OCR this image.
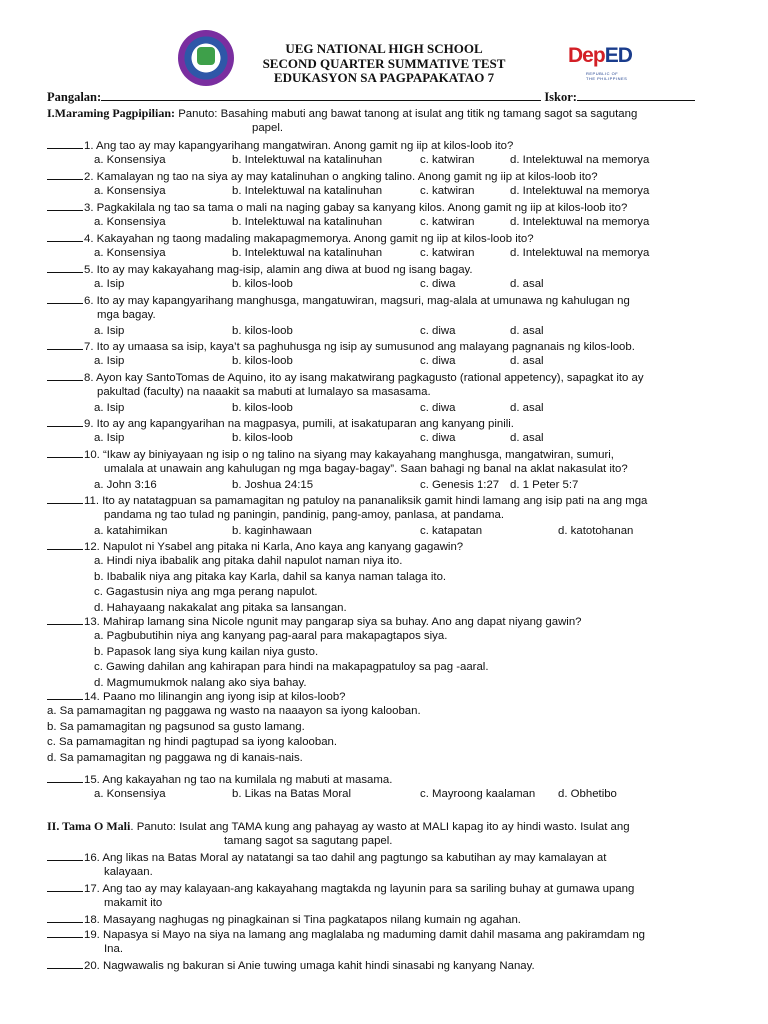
UEG NATIONAL HIGH SCHOOL
SECOND QUARTER SUMMATIVE TEST
EDUKASYON SA PAGPAPAKATAO 7
DepED
REPUBLIC OF THE PHILIPPINES
Pangalan:	Iskor:
I.Maraming Pagpipilian: Panuto: Basahing mabuti ang bawat tanong at isulat ang titik ng tamang sagot sa sagutang
papel.
1. Ang tao ay may kapangyarihang mangatwiran. Anong gamit ng iip at kilos-loob ito?
a. Konsensiya	b. Intelektuwal na katalinuhan	c. katwiran	d. Intelektuwal na memorya
2. Kamalayan ng tao na siya ay may katalinuhan o angking talino. Anong gamit ng iip at kilos-loob ito?
a. Konsensiya	b. Intelektuwal na katalinuhan	c. katwiran	d. Intelektuwal na memorya
3. Pagkakilala ng tao sa tama o mali na naging gabay sa kanyang kilos. Anong gamit ng iip at kilos-loob ito?
a. Konsensiya	b. Intelektuwal na katalinuhan	c. katwiran	d. Intelektuwal na memorya
4. Kakayahan ng taong madaling makapagmemorya. Anong gamit ng iip at kilos-loob ito?
a. Konsensiya	b. Intelektuwal na katalinuhan	c. katwiran	d. Intelektuwal na memorya
5. Ito ay may kakayahang mag-isip, alamin ang diwa at buod ng isang bagay.
a. Isip	b. kilos-loob	c. diwa	d. asal
6. Ito ay may kapangyarihang manghusga, mangatuwiran, magsuri, mag-alala at umunawa ng kahulugan ng
mga bagay.
a. Isip	b. kilos-loob	c. diwa	d. asal
7. Ito ay umaasa sa isip, kaya’t sa paghuhusga ng isip ay sumusunod ang malayang pagnanais ng kilos-loob.
a. Isip	b. kilos-loob	c. diwa	d. asal
8. Ayon kay SantoTomas de Aquino, ito ay isang makatwirang pagkagusto (rational appetency), sapagkat ito ay
pakultad (faculty) na naaakit sa mabuti at lumalayo sa masasama.
a. Isip	b. kilos-loob	c. diwa	d. asal
9. Ito ay ang kapangyarihan na magpasya, pumili, at isakatuparan ang kanyang pinili.
a. Isip	b. kilos-loob	c. diwa	d. asal
10. “Ikaw ay biniyayaan ng isip o ng talino na siyang may kakayahang manghusga, mangatwiran, sumuri,
umalala at unawain ang kahulugan ng mga bagay-bagay”. Saan bahagi ng banal na aklat nakasulat ito?
a. John 3:16	b. Joshua 24:15	c. Genesis 1:27 d. 1 Peter 5:7
11. Ito ay natatagpuan sa pamamagitan ng patuloy na pananaliksik gamit hindi lamang ang isip pati na ang mga
pandama ng tao tulad ng paningin, pandinig, pang-amoy, panlasa, at pandama.
a. katahimikan	b. kaginhawaan	c. katapatan	d. katotohanan
12. Napulot ni Ysabel ang pitaka ni Karla, Ano kaya ang kanyang gagawin?
a. Hindi niya ibabalik ang pitaka dahil napulot naman niya ito.
b. Ibabalik niya ang pitaka kay Karla, dahil sa kanya naman talaga ito.
c. Gagastusin niya ang mga perang napulot.
d. Hahayaang nakakalat ang pitaka sa lansangan.
13. Mahirap lamang sina Nicole ngunit may pangarap siya sa buhay. Ano ang dapat niyang gawin?
a. Pagbubutihin niya ang kanyang pag-aaral para makapagtapos siya.
b. Papasok lang siya kung kailan niya gusto.
c. Gawing dahilan ang kahirapan para hindi na makapagpatuloy sa pag -aaral.
d. Magmumukmok nalang ako siya bahay.
14. Paano mo lilinangin ang iyong isip at kilos-loob?
a. Sa pamamagitan ng paggawa ng wasto na naaayon sa iyong kalooban.
b. Sa pamamagitan ng pagsunod sa gusto lamang.
c. Sa pamamagitan ng hindi pagtupad sa iyong kalooban.
d. Sa pamamagitan ng paggawa ng di kanais-nais.
15. Ang kakayahan ng tao na kumilala ng mabuti at masama.
a. Konsensiya	b. Likas na Batas Moral	c. Mayroong kaalaman d. Obhetibo
II. Tama O Mali. Panuto: Isulat ang TAMA kung ang pahayag ay wasto at MALI kapag ito ay hindi wasto. Isulat ang
tamang sagot sa sagutang papel.
16. Ang likas na Batas Moral ay natatangi sa tao dahil ang pagtungo sa kabutihan ay may kamalayan at
kalayaan.
17. Ang tao ay may kalayaan-ang kakayahang magtakda ng layunin para sa sariling buhay at gumawa upang
makamit ito
18. Masayang naghugas ng pinagkainan si Tina pagkatapos nilang kumain ng agahan.
19. Napasya si Mayo na siya na lamang ang maglalaba ng maduming damit dahil masama ang pakiramdam ng
Ina.
20. Nagwawalis ng bakuran si Anie tuwing umaga kahit hindi sinasabi ng kanyang Nanay.
